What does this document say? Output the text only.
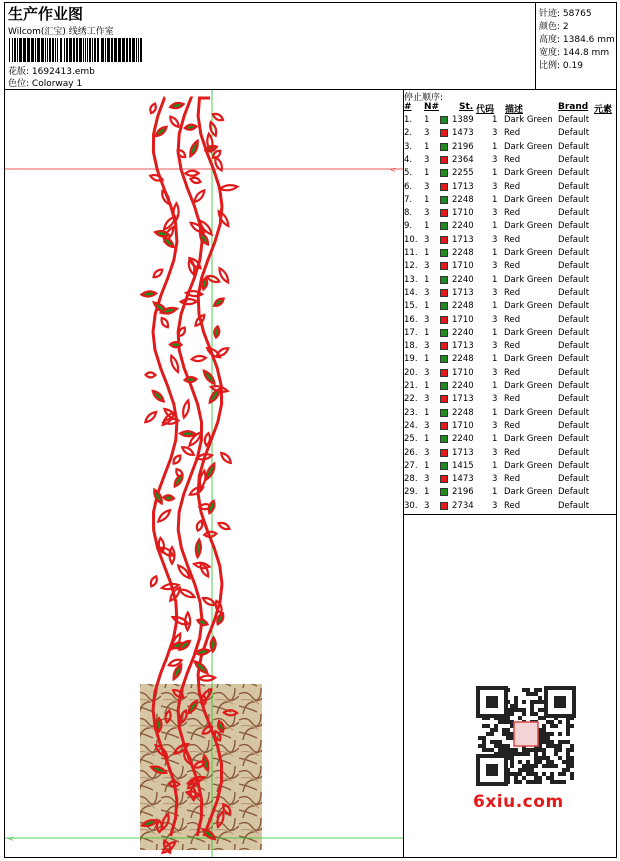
生产作业图
Wilcom(汇宝) 线绣工作室
花版: 1692413.emb
色位: Colorway 1
针迹: 58765
颜色: 2
高度: 1384.6 mm
宽度: 144.8 mm
比例: 0.19
<
<
停止顺序:
# N# St. 代码 描述	Brand 元素
1. 1	1389 1 Dark Green Default
2. 3	1473 3 Red	Default
3. 1	2196 1 Dark Green Default
4. 3	2364 3 Red	Default
5. 1	2255 1 Dark Green Default
6. 3	1713 3 Red	Default
7. 1	2248 1 Dark Green Default
8. 3	1710 3 Red	Default
9. 1	2240 1 Dark Green Default
10. 3	1713 3 Red	Default
11. 1	2248 1 Dark Green Default
12. 3	1710 3 Red	Default
13. 1	2240 1 Dark Green Default
14. 3	1713 3 Red	Default
15. 1	2248 1 Dark Green Default
16. 3	1710 3 Red	Default
17. 1	2240 1 Dark Green Default
18. 3	1713 3 Red	Default
19. 1	2248 1 Dark Green Default
20. 3	1710 3 Red	Default
21. 1	2240 1 Dark Green Default
22. 3	1713 3 Red	Default
23. 1	2248 1 Dark Green Default
24. 3	1710 3 Red	Default
25. 1	2240 1 Dark Green Default
26. 3	1713 3 Red	Default
27. 1	1415 1 Dark Green Default
28. 3	1473 3 Red	Default
29. 1	2196 1 Dark Green Default
30. 3	2734 3 Red	Default
6xiu.com
